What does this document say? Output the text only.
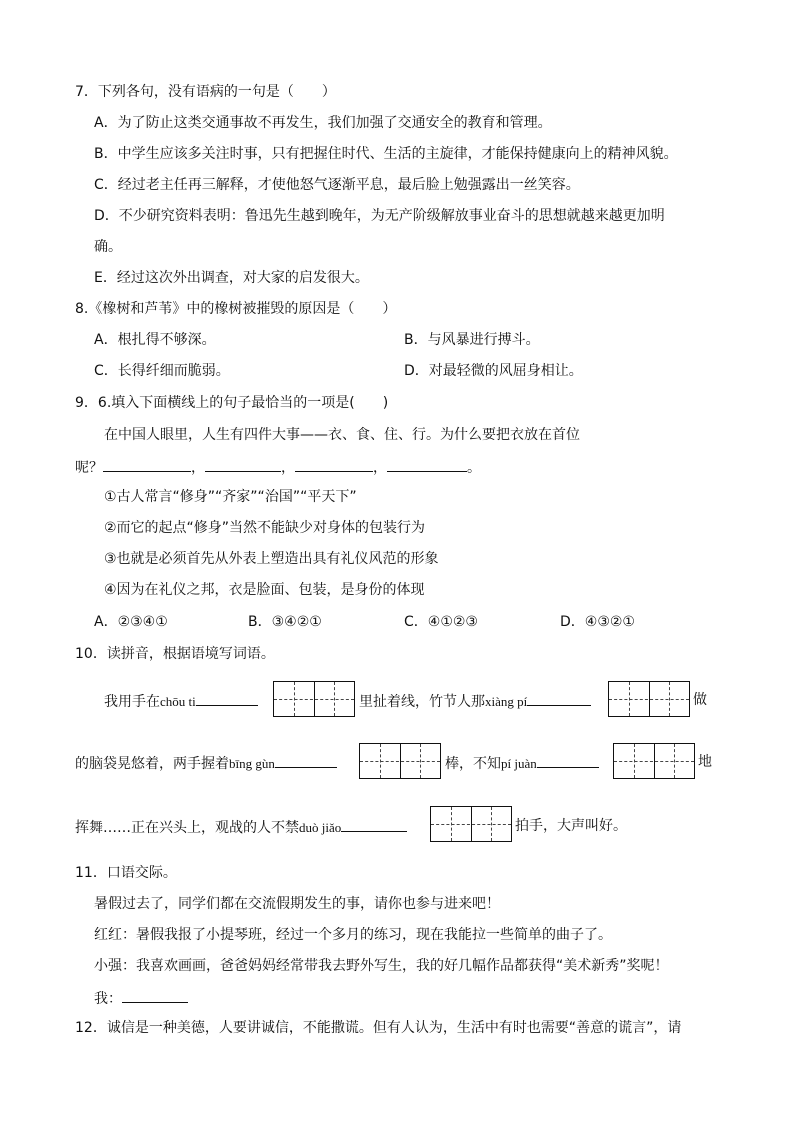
7．下列各句，没有语病的一句是（　　）
A．为了防止这类交通事故不再发生，我们加强了交通安全的教育和管理。
B．中学生应该多关注时事，只有把握住时代、生活的主旋律，才能保持健康向上的精神风貌。
C．经过老主任再三解释，才使他怒气逐渐平息，最后脸上勉强露出一丝笑容。
D．不少研究资料表明：鲁迅先生越到晚年，为无产阶级解放事业奋斗的思想就越来越更加明
确。
E．经过这次外出调查，对大家的启发很大。
8.《橡树和芦苇》中的橡树被摧毁的原因是（　　）
A．根扎得不够深。	B．与风暴进行搏斗。
C．长得纤细而脆弱。	D．对最轻微的风屈身相让。
9．6.填入下面横线上的句子最恰当的一项是(　　)
在中国人眼里，人生有四件大事——衣、食、住、行。为什么要把衣放在首位
呢？	，	，	，	。
①古人常言“修身”“齐家”“治国”“平天下”
②而它的起点“修身”当然不能缺少对身体的包装行为
③也就是必须首先从外表上塑造出具有礼仪风范的形象
④因为在礼仪之邦，衣是脸面、包装，是身份的体现
A．②③④①	B．③④②①	C．④①②③	D．④③②①
10．读拼音，根据语境写词语。
我用手在chōu ti	里扯着线，竹节人那xiàng pí	做
的脑袋晃悠着，两手握着bīng gùn	棒，不知pí juàn	地
挥舞……正在兴头上，观战的人不禁duò jiǎo	拍手，大声叫好。
11．口语交际。
暑假过去了，同学们都在交流假期发生的事，请你也参与进来吧！
红红：暑假我报了小提琴班，经过一个多月的练习，现在我能拉一些简单的曲子了。
小强：我喜欢画画，爸爸妈妈经常带我去野外写生，我的好几幅作品都获得“美术新秀”奖呢！
我：
12．诚信是一种美德，人要讲诚信，不能撒谎。但有人认为，生活中有时也需要“善意的谎言”，请
